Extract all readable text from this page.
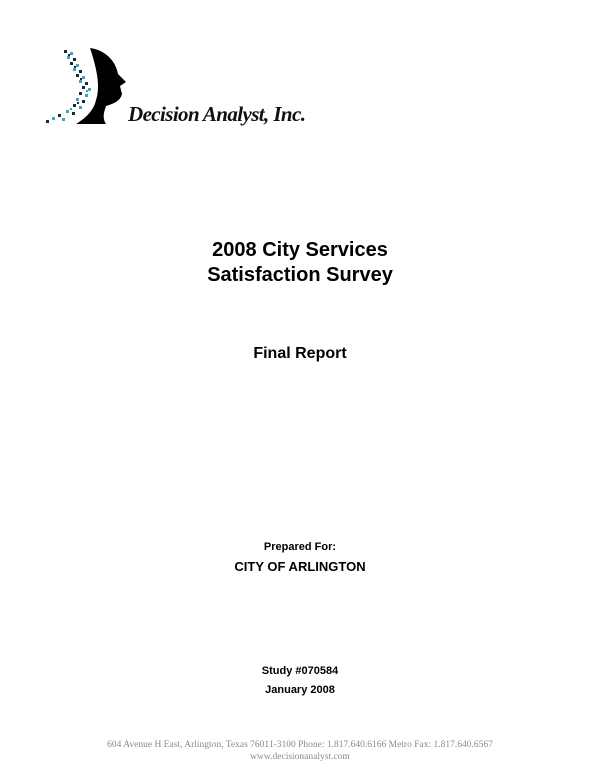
Decision Analyst, Inc.
2008 City Services
Satisfaction Survey
Final Report
Prepared For:
CITY OF ARLINGTON
Study #070584
January 2008
604 Avenue H East, Arlington, Texas 76011-3100 Phone: 1.817.640.6166 Metro Fax: 1.817.640.6567
www.decisionanalyst.com
